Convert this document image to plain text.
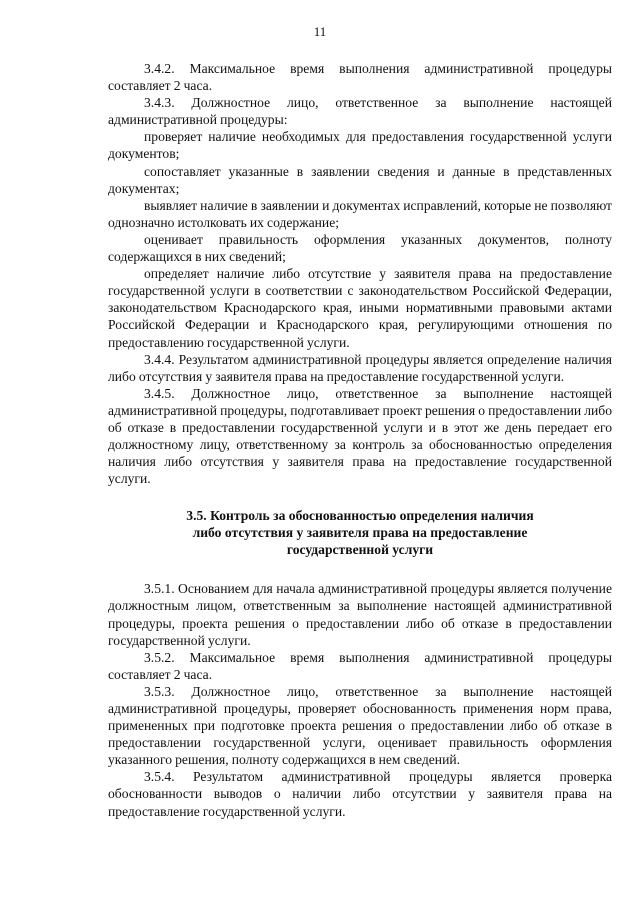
11

3.4.2. Максимальное время выполнения административной процедуры составляет 2 часа.

3.4.3. Должностное лицо, ответственное за выполнение настоящей административной процедуры:

проверяет наличие необходимых для предоставления государственной услуги документов;

сопоставляет указанные в заявлении сведения и данные в представленных документах;

выявляет наличие в заявлении и документах исправлений, которые не позволяют однозначно истолковать их содержание;

оценивает правильность оформления указанных документов, полноту содержащихся в них сведений;

определяет наличие либо отсутствие у заявителя права на предоставление государственной услуги в соответствии с законодательством Российской Федерации, законодательством Краснодарского края, иными нормативными правовыми актами Российской Федерации и Краснодарского края, регулирующими отношения по предоставлению государственной услуги.

3.4.4. Результатом административной процедуры является определение наличия либо отсутствия у заявителя права на предоставление государственной услуги.

3.4.5. Должностное лицо, ответственное за выполнение настоящей административной процедуры, подготавливает проект решения о предоставлении либо об отказе в предоставлении государственной услуги и в этот же день передает его должностному лицу, ответственному за контроль за обоснованностью определения наличия либо отсутствия у заявителя права на предоставление государственной услуги.

3.5. Контроль за обоснованностью определения наличия
либо отсутствия у заявителя права на предоставление
государственной услуги

3.5.1. Основанием для начала административной процедуры является получение должностным лицом, ответственным за выполнение настоящей административной процедуры, проекта решения о предоставлении либо об отказе в предоставлении государственной услуги.

3.5.2. Максимальное время выполнения административной процедуры составляет 2 часа.

3.5.3. Должностное лицо, ответственное за выполнение настоящей административной процедуры, проверяет обоснованность применения норм права, примененных при подготовке проекта решения о предоставлении либо об отказе в предоставлении государственной услуги, оценивает правильность оформления указанного решения, полноту содержащихся в нем сведений.

3.5.4. Результатом административной процедуры является проверка обоснованности выводов о наличии либо отсутствии у заявителя права на предоставление государственной услуги.
